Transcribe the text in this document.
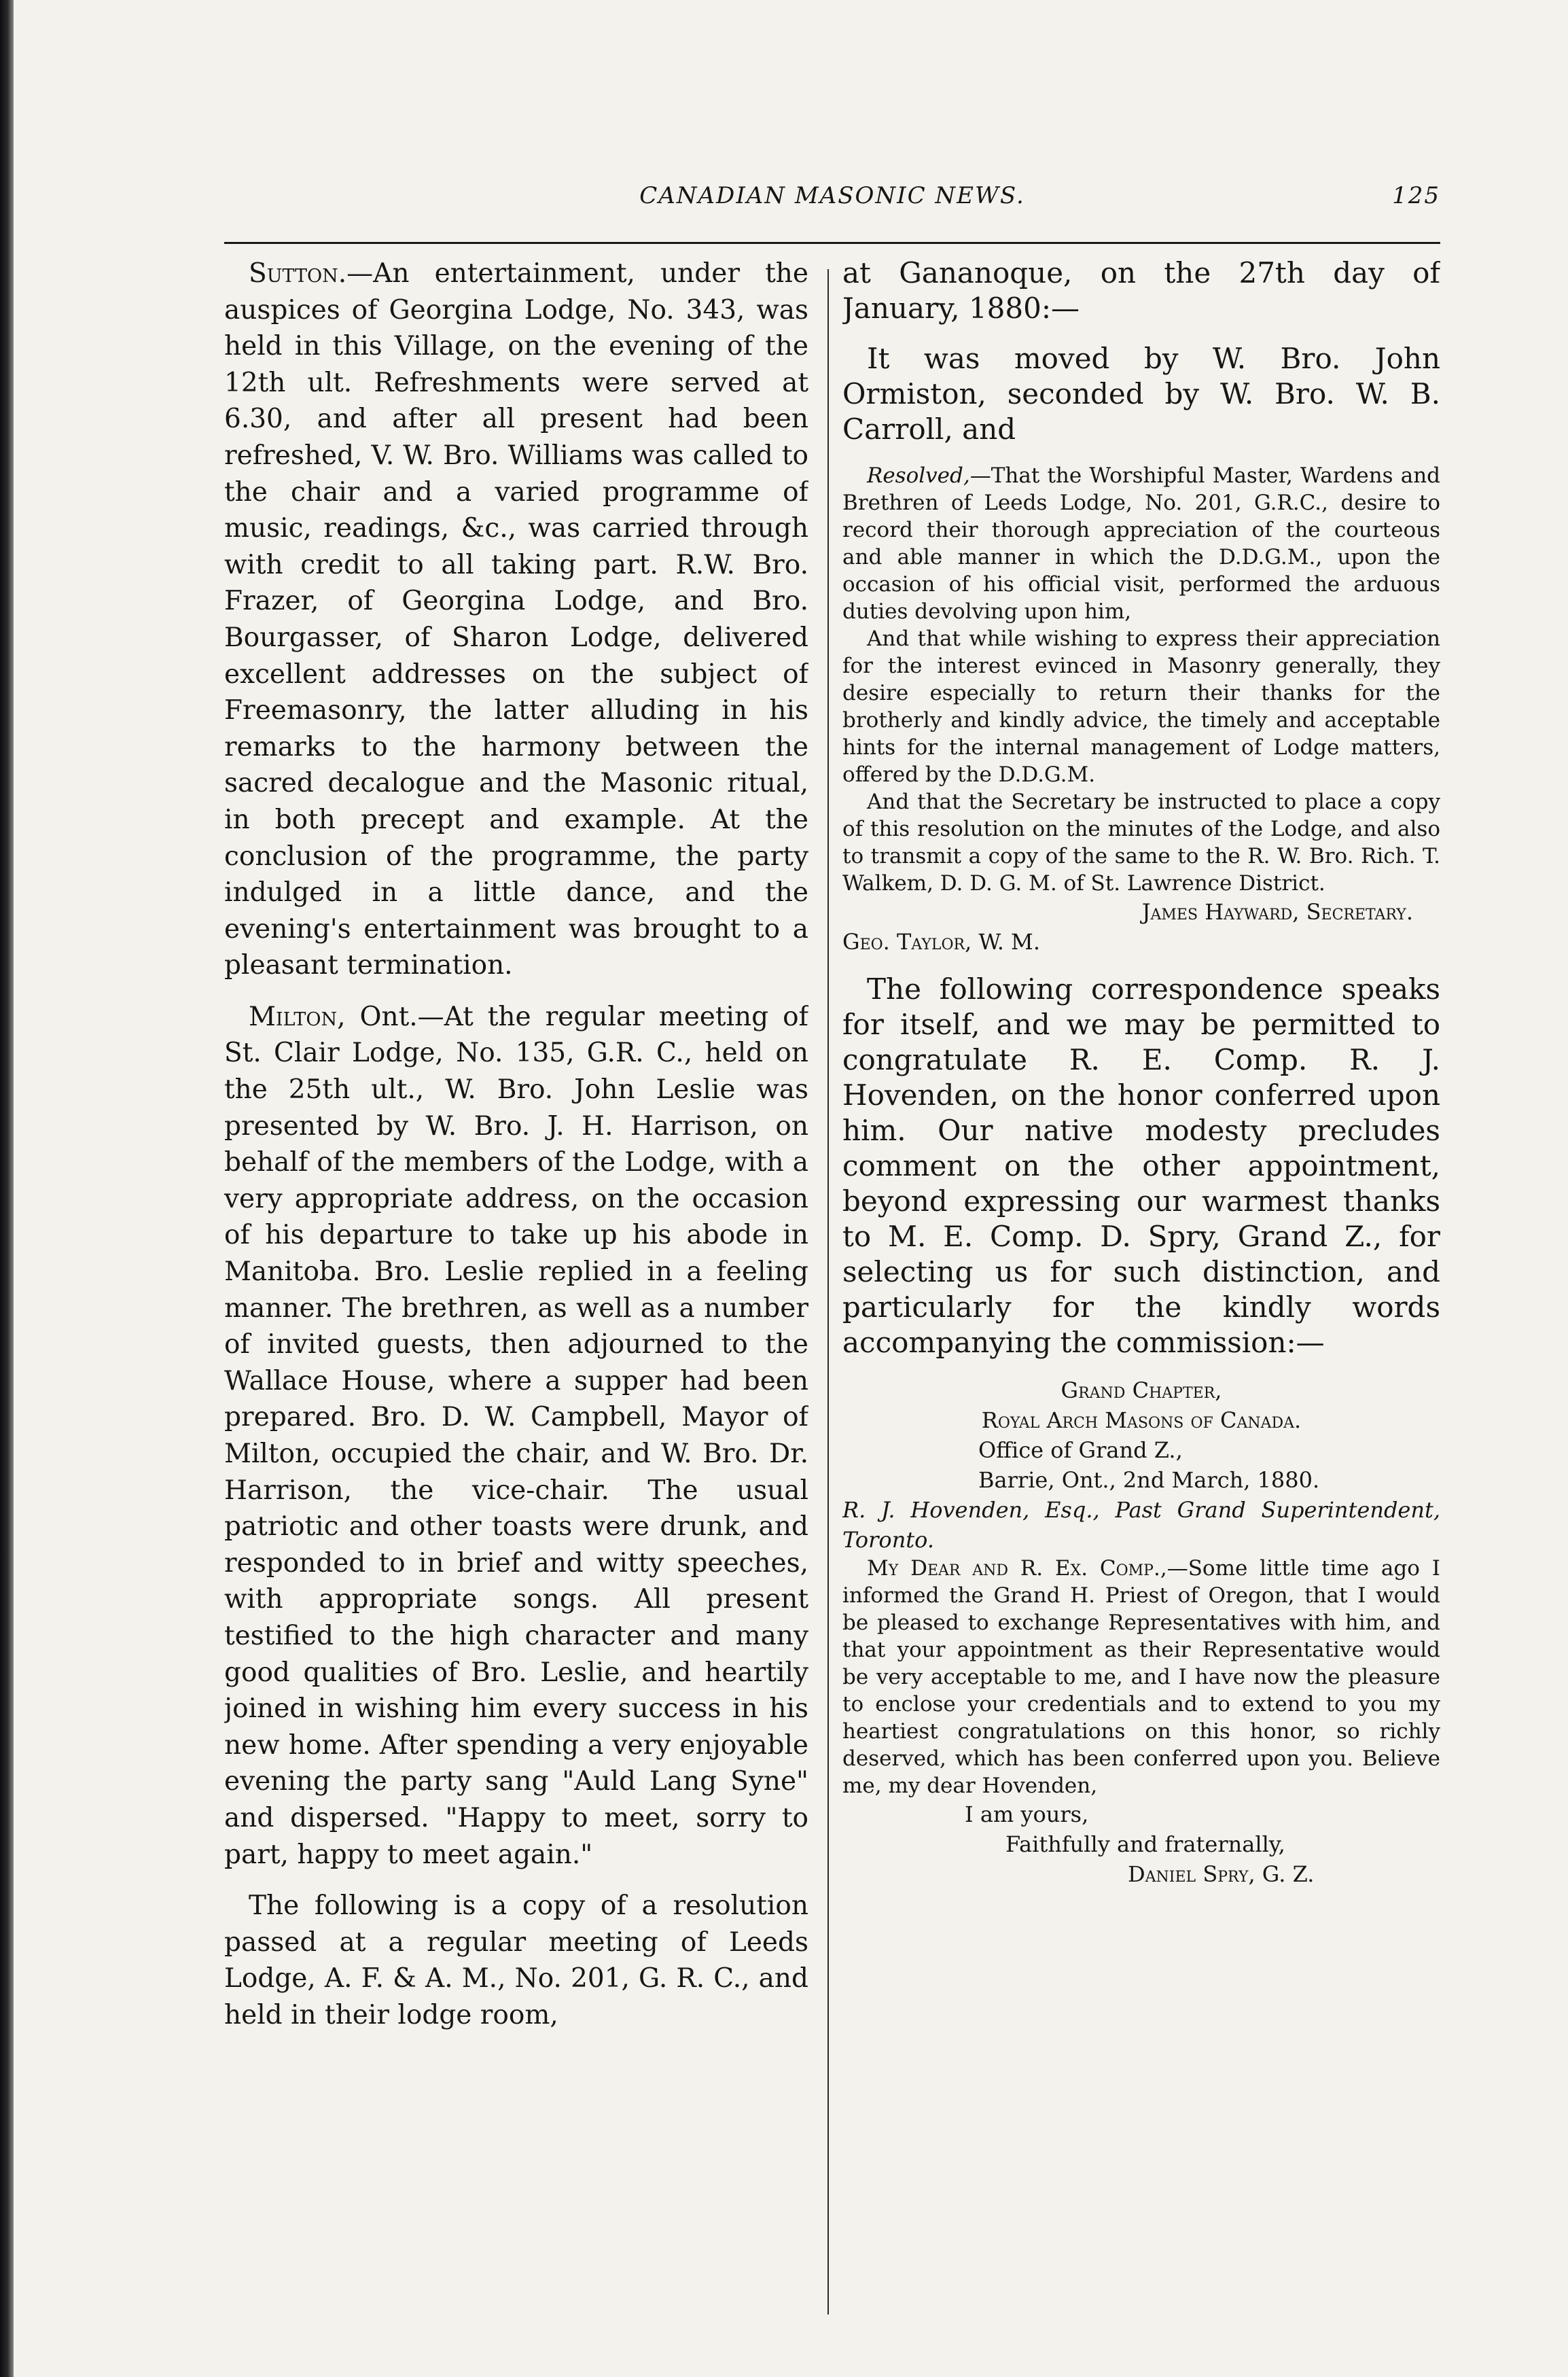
CANADIAN MASONIC NEWS.	125

Sutton.—An entertainment, under the auspices of Georgina Lodge, No. 343, was held in this Village, on the evening of the 12th ult. Refreshments were served at 6.30, and after all present had been refreshed, V. W. Bro. Williams was called to the chair and a varied programme of music, readings, &c., was carried through with credit to all taking part. R.W. Bro. Frazer, of Georgina Lodge, and Bro. Bourgasser, of Sharon Lodge, delivered excellent addresses on the subject of Freemasonry, the latter alluding in his remarks to the harmony between the sacred decalogue and the Masonic ritual, in both precept and example. At the conclusion of the programme, the party indulged in a little dance, and the evening's entertainment was brought to a pleasant termination.

Milton, Ont.—At the regular meeting of St. Clair Lodge, No. 135, G.R. C., held on the 25th ult., W. Bro. John Leslie was presented by W. Bro. J. H. Harrison, on behalf of the members of the Lodge, with a very appropriate address, on the occasion of his departure to take up his abode in Manitoba. Bro. Leslie replied in a feeling manner. The brethren, as well as a number of invited guests, then adjourned to the Wallace House, where a supper had been prepared. Bro. D. W. Campbell, Mayor of Milton, occupied the chair, and W. Bro. Dr. Harrison, the vice-chair. The usual patriotic and other toasts were drunk, and responded to in brief and witty speeches, with appropriate songs. All present testified to the high character and many good qualities of Bro. Leslie, and heartily joined in wishing him every success in his new home. After spending a very enjoyable evening the party sang "Auld Lang Syne" and dispersed. "Happy to meet, sorry to part, happy to meet again."

The following is a copy of a resolution passed at a regular meeting of Leeds Lodge, A. F. & A. M., No. 201, G. R. C., and held in their lodge room,

at Gananoque, on the 27th day of January, 1880:—

It was moved by W. Bro. John Ormiston, seconded by W. Bro. W. B. Carroll, and

Resolved,—That the Worshipful Master, Wardens and Brethren of Leeds Lodge, No. 201, G.R.C., desire to record their thorough appreciation of the courteous and able manner in which the D.D.G.M., upon the occasion of his official visit, performed the arduous duties devolving upon him,

And that while wishing to express their appreciation for the interest evinced in Masonry generally, they desire especially to return their thanks for the brotherly and kindly advice, the timely and acceptable hints for the internal management of Lodge matters, offered by the D.D.G.M.

And that the Secretary be instructed to place a copy of this resolution on the minutes of the Lodge, and also to transmit a copy of the same to the R. W. Bro. Rich. T. Walkem, D. D. G. M. of St. Lawrence District.

James Hayward, Secretary.

Geo. Taylor, W. M.

The following correspondence speaks for itself, and we may be permitted to congratulate R. E. Comp. R. J. Hovenden, on the honor conferred upon him. Our native modesty precludes comment on the other appointment, beyond expressing our warmest thanks to M. E. Comp. D. Spry, Grand Z., for selecting us for such distinction, and particularly for the kindly words accompanying the commission:—

Grand Chapter,

Royal Arch Masons of Canada.

Office of Grand Z.,

Barrie, Ont., 2nd March, 1880.

R. J. Hovenden, Esq., Past Grand Superintendent, Toronto.

My Dear and R. Ex. Comp.,—Some little time ago I informed the Grand H. Priest of Oregon, that I would be pleased to exchange Representatives with him, and that your appointment as their Representative would be very acceptable to me, and I have now the pleasure to enclose your credentials and to extend to you my heartiest congratulations on this honor, so richly deserved, which has been conferred upon you. Believe me, my dear Hovenden,

I am yours,

Faithfully and fraternally,

Daniel Spry, G. Z.
